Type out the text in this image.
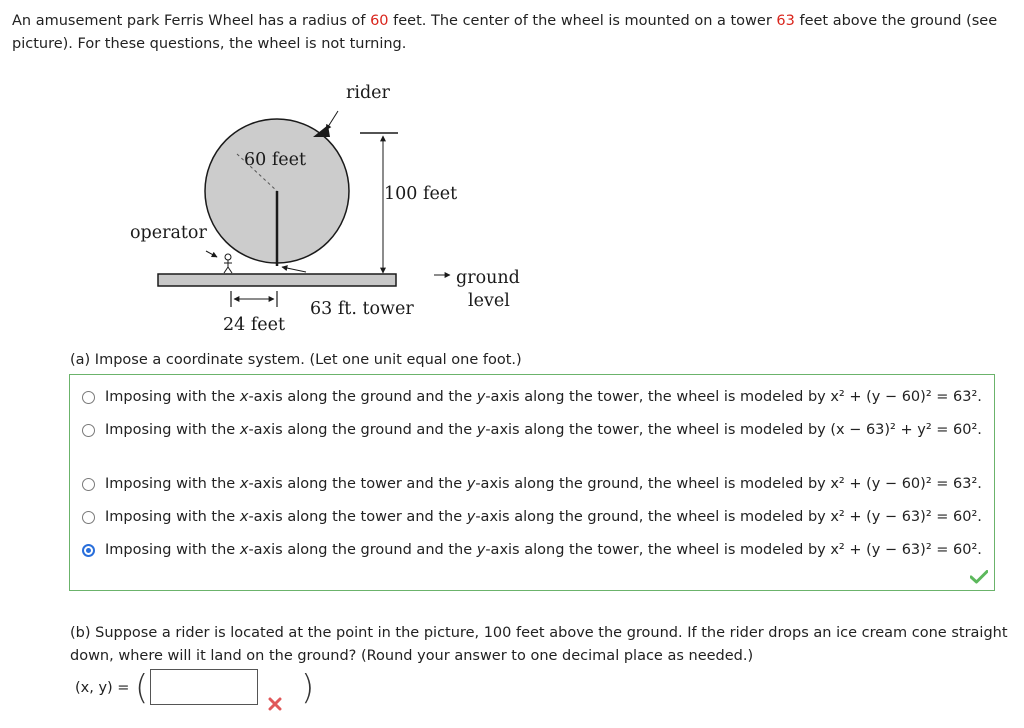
An amusement park Ferris Wheel has a radius of 60 feet. The center of the wheel is mounted on a tower 63 feet above the ground (see picture). For these questions, the wheel is not turning.
rider
60 feet
100 feet
operator
ground
level
63 ft. tower
24 feet
(a) Impose a coordinate system. (Let one unit equal one foot.)
Imposing with the x-axis along the ground and the y-axis along the tower, the wheel is modeled by x² + (y − 60)² = 63².
Imposing with the x-axis along the ground and the y-axis along the tower, the wheel is modeled by (x − 63)² + y² = 60².
Imposing with the x-axis along the tower and the y-axis along the ground, the wheel is modeled by x² + (y − 60)² = 63².
Imposing with the x-axis along the tower and the y-axis along the ground, the wheel is modeled by x² + (y − 63)² = 60².
Imposing with the x-axis along the ground and the y-axis along the tower, the wheel is modeled by x² + (y − 63)² = 60².
(b) Suppose a rider is located at the point in the picture, 100 feet above the ground. If the rider drops an ice cream cone straight down, where will it land on the ground? (Round your answer to one decimal place as needed.)
(x, y) = (	)
